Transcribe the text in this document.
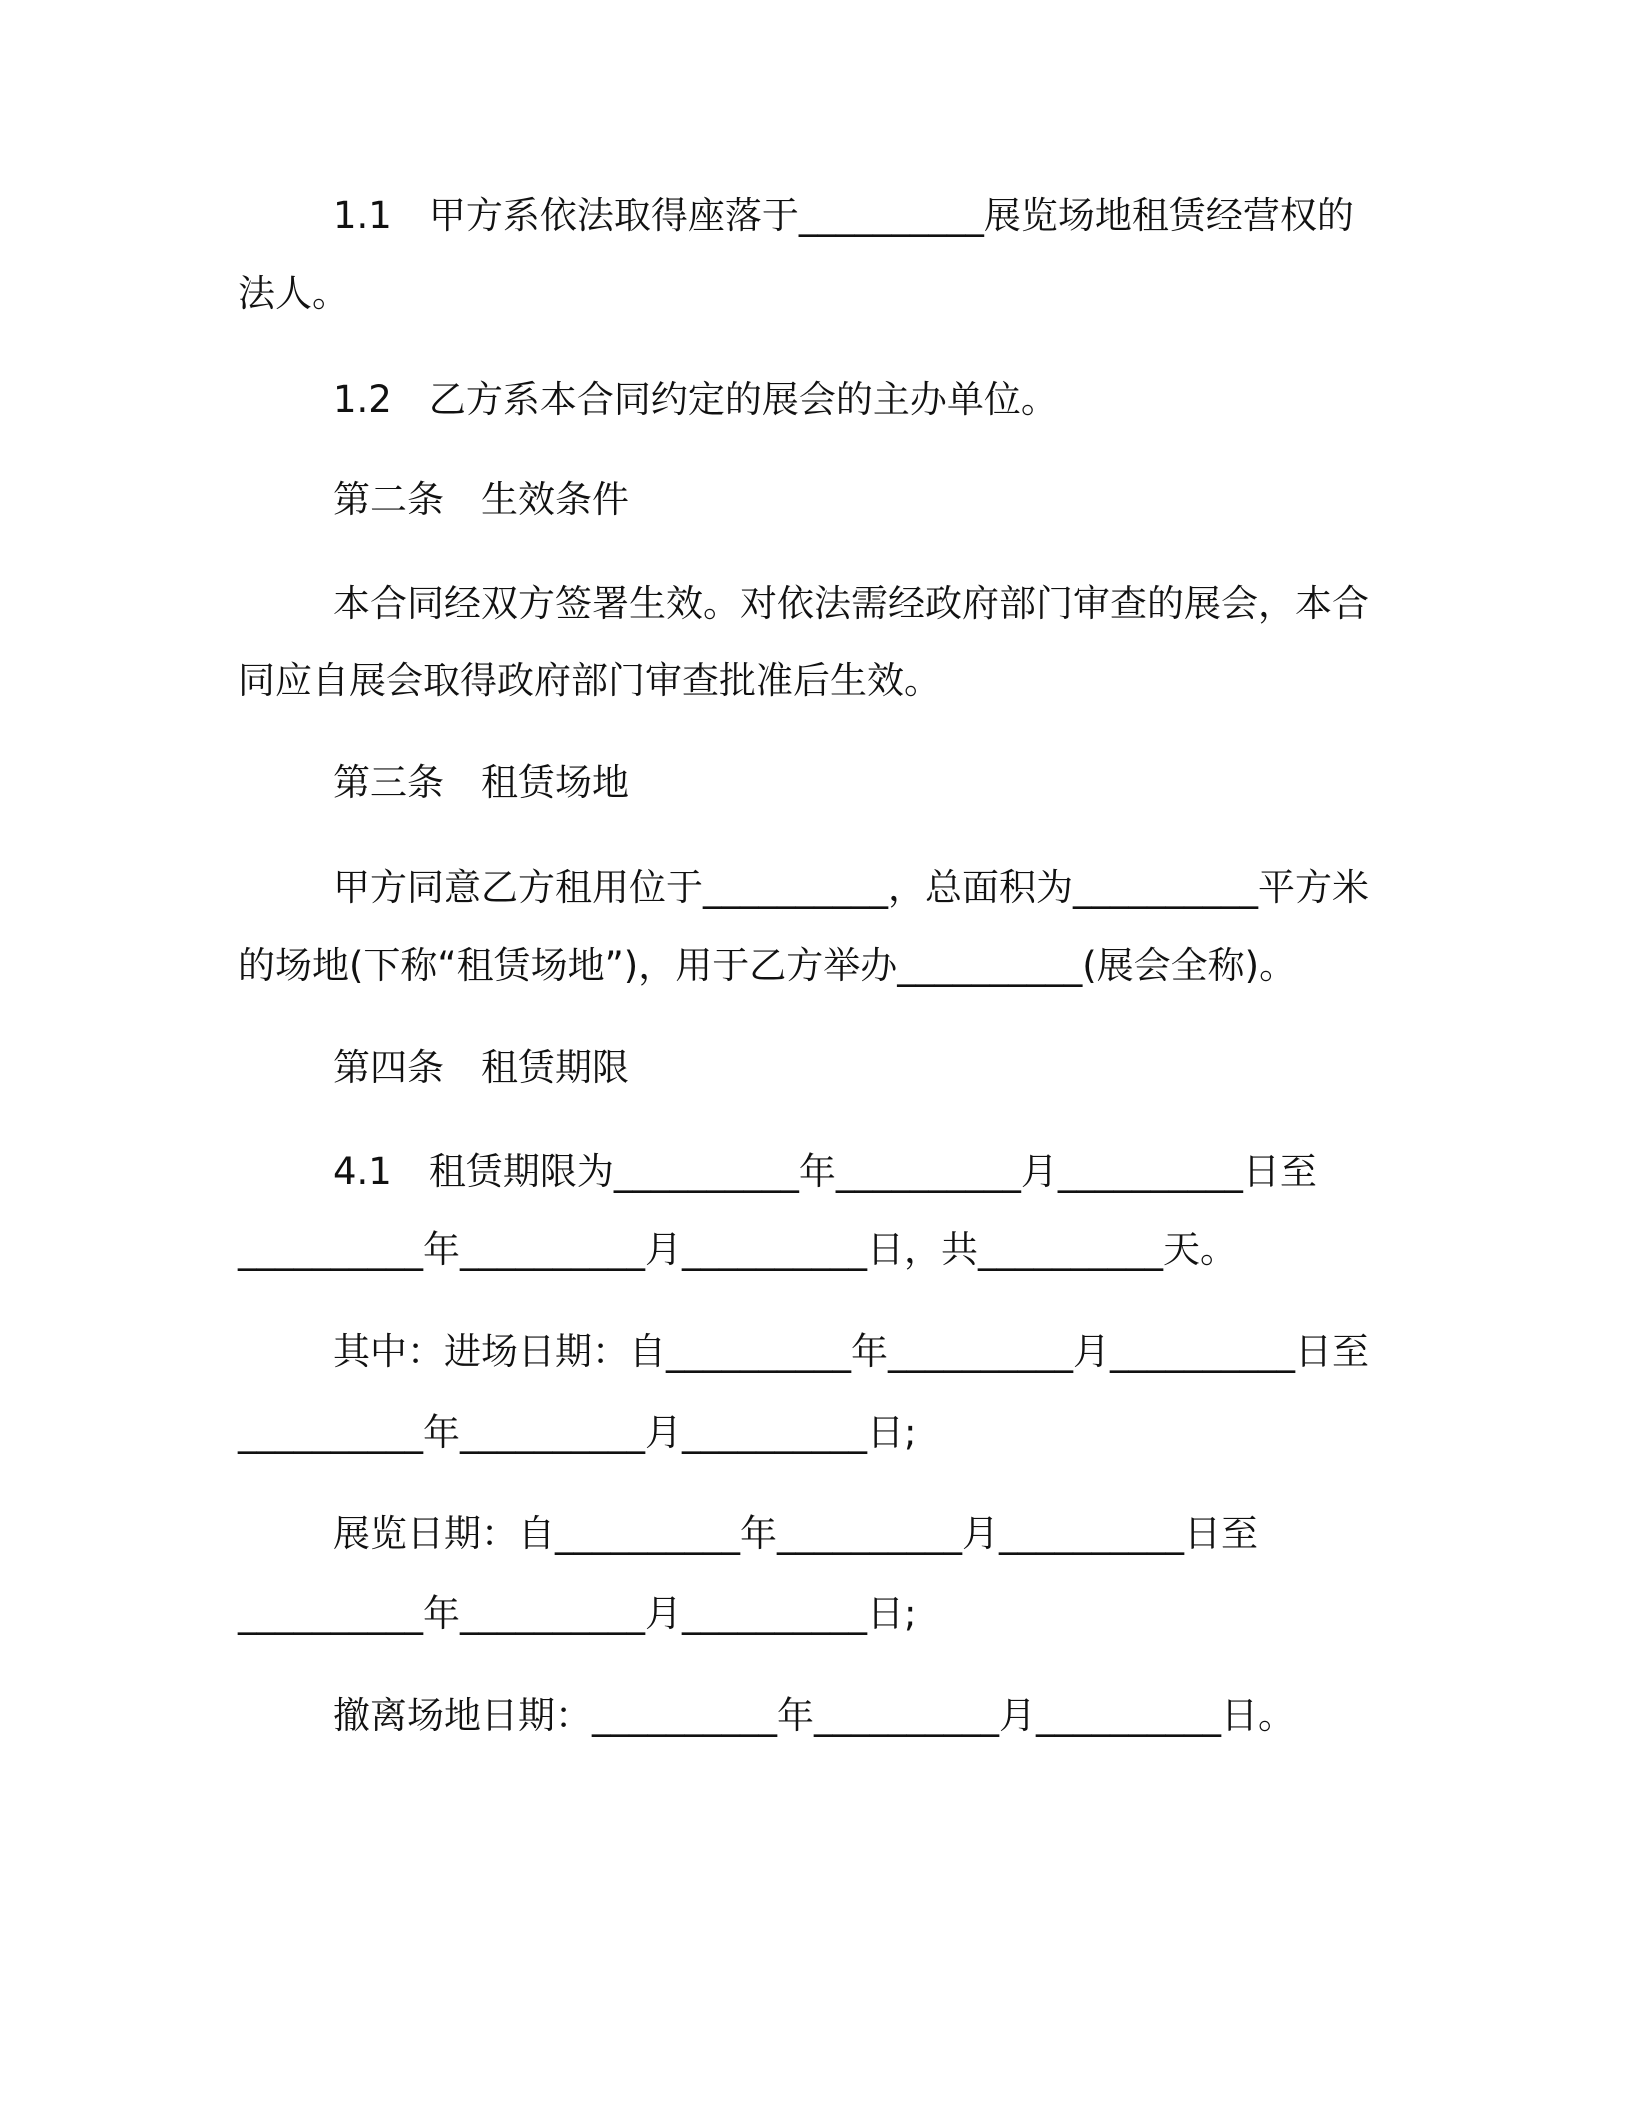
1.1　甲方系依法取得座落于__________展览场地租赁经营权的
法人。
1.2　乙方系本合同约定的展会的主办单位。
第二条　生效条件
本合同经双方签署生效。对依法需经政府部门审查的展会，本合
同应自展会取得政府部门审查批准后生效。
第三条　租赁场地
甲方同意乙方租用位于__________，总面积为__________平方米
的场地(下称“租赁场地”)，用于乙方举办__________(展会全称)。
第四条　租赁期限
4.1　租赁期限为__________年__________月__________日至
__________年__________月__________日，共__________天。
其中：进场日期：自__________年__________月__________日至
__________年__________月__________日;
展览日期：自__________年__________月__________日至
__________年__________月__________日;
撤离场地日期：__________年__________月__________日。
